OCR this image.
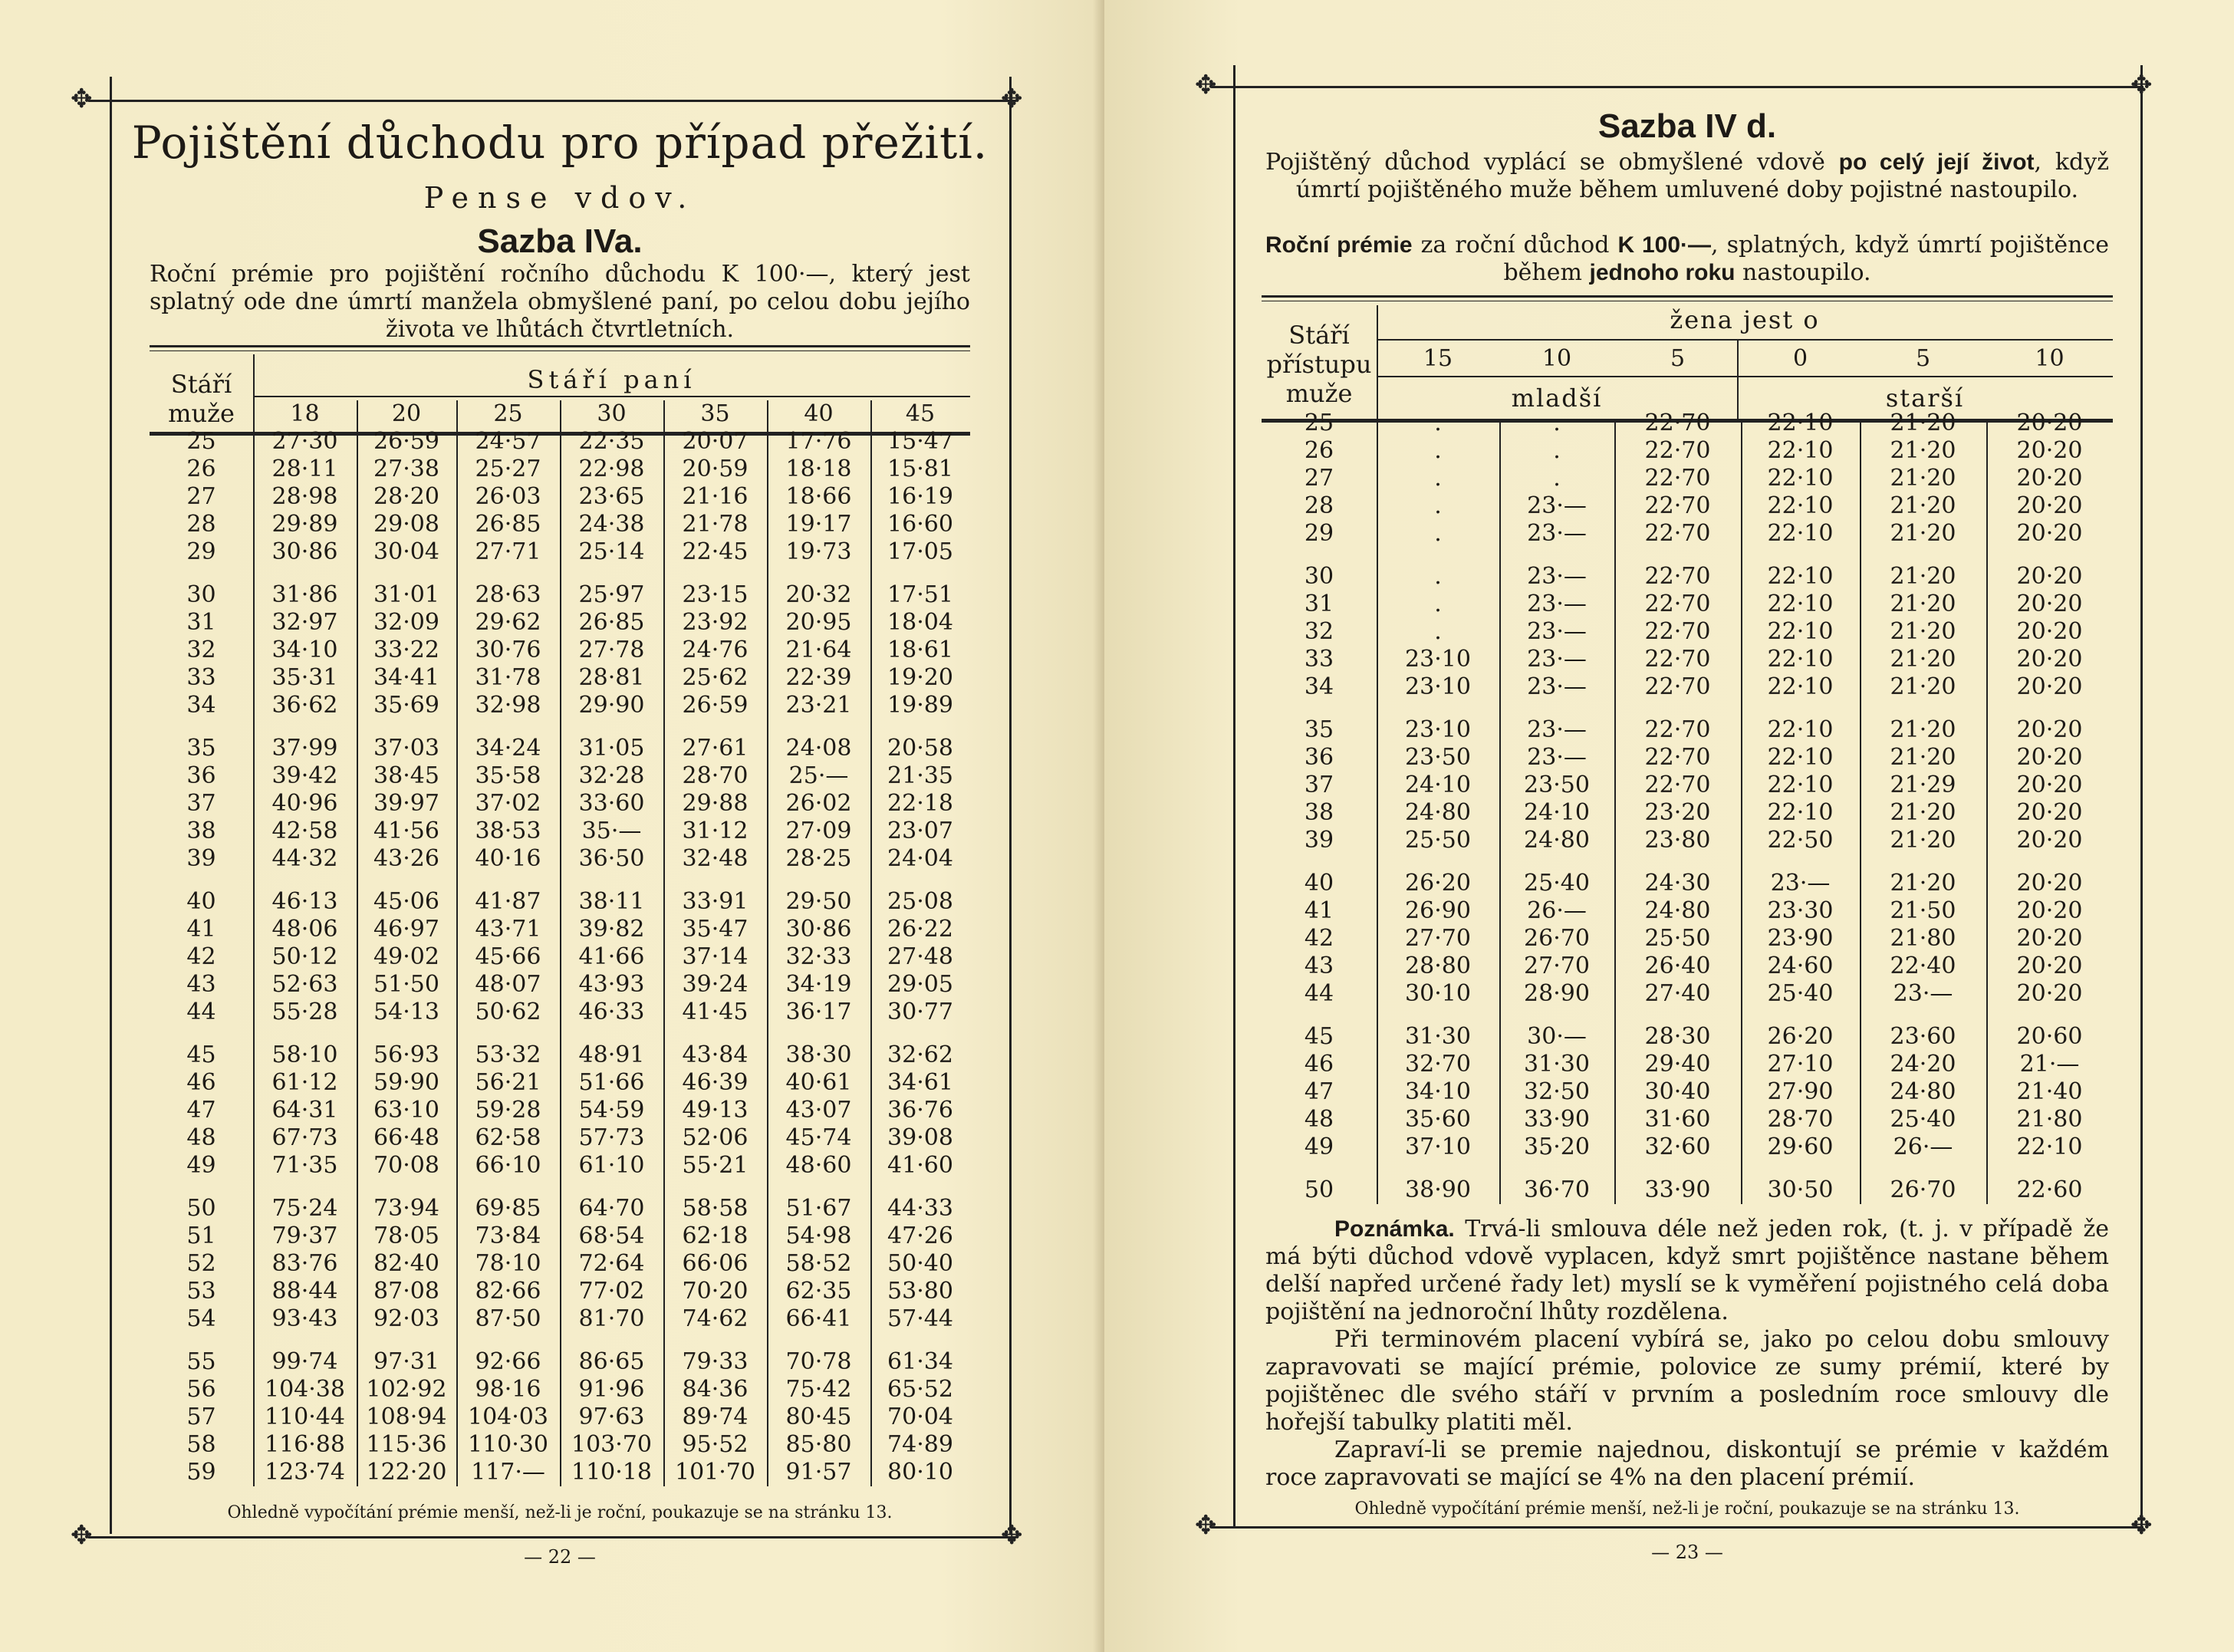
✥	✥
✥	✥
Pojištění důchodu pro případ přežití.
Pense vdov.
Sazba IVa.
Roční prémie pro pojištění ročního důchodu K 100·—, který jest splatný ode dne úmrtí manžela obmyšlené paní, po celou dobu jejího života ve lhůtách čtvrtletních.
Stáří
muže
Stáří paní
	18	20	25	30	35	40	45
25	27·30	26·59	24·57	22·35	20·07	17·76	15·47
26	28·11	27·38	25·27	22·98	20·59	18·18	15·81
27	28·98	28·20	26·03	23·65	21·16	18·66	16·19
28	29·89	29·08	26·85	24·38	21·78	19·17	16·60
29	30·86	30·04	27·71	25·14	22·45	19·73	17·05
30	31·86	31·01	28·63	25·97	23·15	20·32	17·51
31	32·97	32·09	29·62	26·85	23·92	20·95	18·04
32	34·10	33·22	30·76	27·78	24·76	21·64	18·61
33	35·31	34·41	31·78	28·81	25·62	22·39	19·20
34	36·62	35·69	32·98	29·90	26·59	23·21	19·89
35	37·99	37·03	34·24	31·05	27·61	24·08	20·58
36	39·42	38·45	35·58	32·28	28·70	25·—	21·35
37	40·96	39·97	37·02	33·60	29·88	26·02	22·18
38	42·58	41·56	38·53	35·—	31·12	27·09	23·07
39	44·32	43·26	40·16	36·50	32·48	28·25	24·04
40	46·13	45·06	41·87	38·11	33·91	29·50	25·08
41	48·06	46·97	43·71	39·82	35·47	30·86	26·22
42	50·12	49·02	45·66	41·66	37·14	32·33	27·48
43	52·63	51·50	48·07	43·93	39·24	34·19	29·05
44	55·28	54·13	50·62	46·33	41·45	36·17	30·77
45	58·10	56·93	53·32	48·91	43·84	38·30	32·62
46	61·12	59·90	56·21	51·66	46·39	40·61	34·61
47	64·31	63·10	59·28	54·59	49·13	43·07	36·76
48	67·73	66·48	62·58	57·73	52·06	45·74	39·08
49	71·35	70·08	66·10	61·10	55·21	48·60	41·60
50	75·24	73·94	69·85	64·70	58·58	51·67	44·33
51	79·37	78·05	73·84	68·54	62·18	54·98	47·26
52	83·76	82·40	78·10	72·64	66·06	58·52	50·40
53	88·44	87·08	82·66	77·02	70·20	62·35	53·80
54	93·43	92·03	87·50	81·70	74·62	66·41	57·44
55	99·74	97·31	92·66	86·65	79·33	70·78	61·34
56	104·38	102·92	98·16	91·96	84·36	75·42	65·52
57	110·44	108·94	104·03	97·63	89·74	80·45	70·04
58	116·88	115·36	110·30	103·70	95·52	85·80	74·89
59	123·74	122·20	117·—	110·18	101·70	91·57	80·10
Ohledně vypočítání prémie menší, než-li je roční, poukazuje se na stránku 13.
— 22 —
✥	✥
✥	✥
Sazba IV d.
Pojištěný důchod vyplácí se obmyšlené vdově po celý její život, když úmrtí pojištěného muže během umluvené doby pojistné nastoupilo.
Roční prémie za roční důchod K 100·—, splatných, když úmrtí pojištěnce během jednoho roku nastoupilo.
Stáří
přístupu
muže
žena jest o
mladší	starší
	15	10	5	0	5	10

25	.	.	22·70	22·10	21·20	20·20
26	.	.	22·70	22·10	21·20	20·20
27	.	.	22·70	22·10	21·20	20·20
28	.	23·—	22·70	22·10	21·20	20·20
29	.	23·—	22·70	22·10	21·20	20·20
30	.	23·—	22·70	22·10	21·20	20·20
31	.	23·—	22·70	22·10	21·20	20·20
32	.	23·—	22·70	22·10	21·20	20·20
33	23·10	23·—	22·70	22·10	21·20	20·20
34	23·10	23·—	22·70	22·10	21·20	20·20
35	23·10	23·—	22·70	22·10	21·20	20·20
36	23·50	23·—	22·70	22·10	21·20	20·20
37	24·10	23·50	22·70	22·10	21·29	20·20
38	24·80	24·10	23·20	22·10	21·20	20·20
39	25·50	24·80	23·80	22·50	21·20	20·20
40	26·20	25·40	24·30	23·—	21·20	20·20
41	26·90	26·—	24·80	23·30	21·50	20·20
42	27·70	26·70	25·50	23·90	21·80	20·20
43	28·80	27·70	26·40	24·60	22·40	20·20
44	30·10	28·90	27·40	25·40	23·—	20·20
45	31·30	30·—	28·30	26·20	23·60	20·60
46	32·70	31·30	29·40	27·10	24·20	21·—
47	34·10	32·50	30·40	27·90	24·80	21·40
48	35·60	33·90	31·60	28·70	25·40	21·80
49	37·10	35·20	32·60	29·60	26·—	22·10
50	38·90	36·70	33·90	30·50	26·70	22·60
Poznámka. Trvá-li smlouva déle než jeden rok, (t. j. v případě že má býti důchod vdově vyplacen, když smrt pojištěnce nastane během delší napřed určené řady let) myslí se k vyměření pojistného celá doba pojištění na jednoroční lhůty rozdělena.
Při terminovém placení vybírá se, jako po celou dobu smlouvy zapravovati se mající prémie, polovice ze sumy prémií, které by pojištěnec dle svého stáří v prvním a posledním roce smlouvy dle hořejší tabulky platiti měl.
Zapraví-li se premie najednou, diskontují se prémie v každém roce zapravovati se mající se 4% na den placení prémií.
Ohledně vypočítání prémie menší, než-li je roční, poukazuje se na stránku 13.
— 23 —
